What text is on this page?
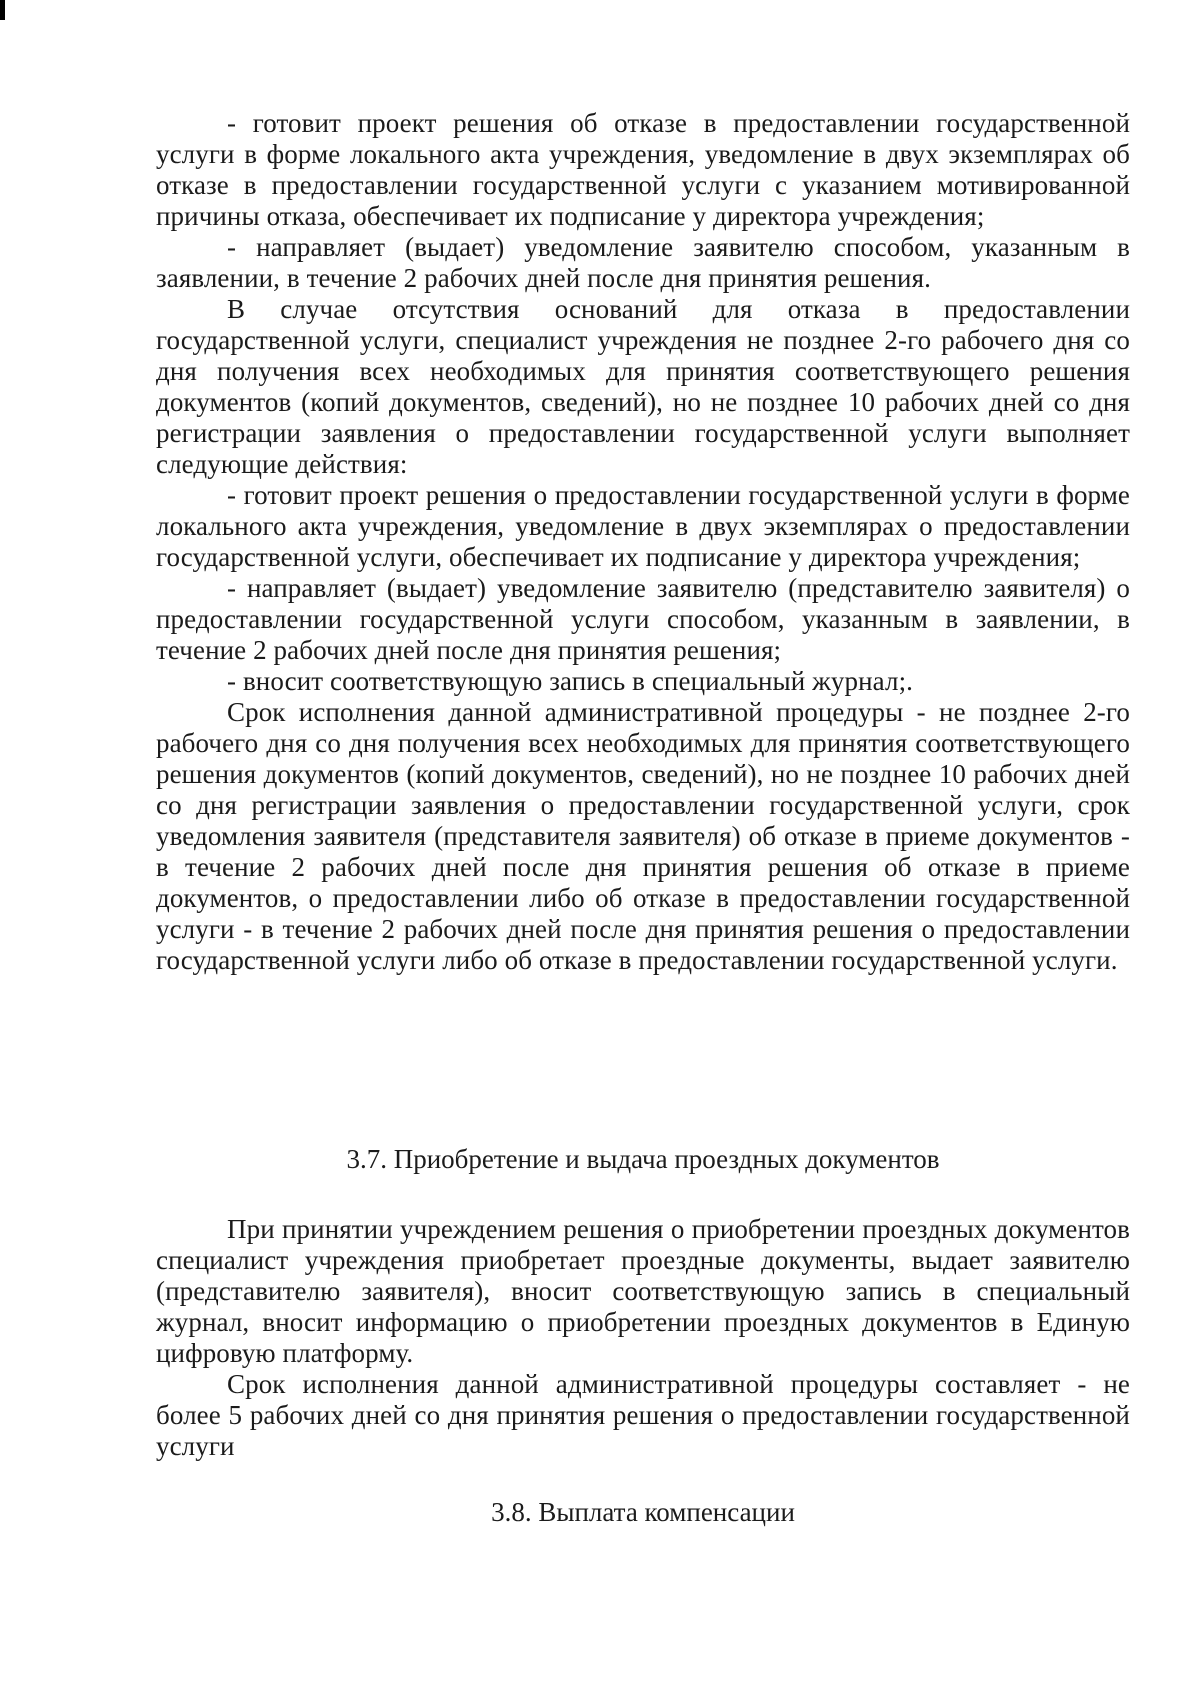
- готовит проект решения об отказе в предоставлении государственной услуги в форме локального акта учреждения, уведомление в двух экземплярах об отказе в предоставлении государственной услуги с указанием мотивированной причины отказа, обеспечивает их подписание у директора учреждения;

- направляет (выдает) уведомление заявителю способом, указанным в заявлении, в течение 2 рабочих дней после дня принятия решения.

В случае отсутствия оснований для отказа в предоставлении государственной услуги, специалист учреждения не позднее 2-го рабочего дня со дня получения всех необходимых для принятия соответствующего решения документов (копий документов, сведений), но не позднее 10 рабочих дней со дня регистрации заявления о предоставлении государственной услуги выполняет следующие действия:

- готовит проект решения о предоставлении государственной услуги в форме локального акта учреждения, уведомление в двух экземплярах о предоставлении государственной услуги, обеспечивает их подписание у директора учреждения;

- направляет (выдает) уведомление заявителю (представителю заявителя) о предоставлении государственной услуги способом, указанным в заявлении, в течение 2 рабочих дней после дня принятия решения;

- вносит соответствующую запись в специальный журнал;.

Срок исполнения данной административной процедуры - не позднее 2-го рабочего дня со дня получения всех необходимых для принятия соответствующего решения документов (копий документов, сведений), но не позднее 10 рабочих дней со дня регистрации заявления о предоставлении государственной услуги, срок уведомления заявителя (представителя заявителя) об отказе в приеме документов - в течение 2 рабочих дней после дня принятия решения об отказе в приеме документов, о предоставлении либо об отказе в предоставлении государственной услуги - в течение 2 рабочих дней после дня принятия решения о предоставлении государственной услуги либо об отказе в предоставлении государственной услуги.

3.7. Приобретение и выдача проездных документов

При принятии учреждением решения о приобретении проездных документов специалист учреждения приобретает проездные документы, выдает заявителю (представителю заявителя), вносит соответствующую запись в специальный журнал, вносит информацию о приобретении проездных документов в Единую цифровую платформу.

Срок исполнения данной административной процедуры составляет - не более 5 рабочих дней со дня принятия решения о предоставлении государственной услуги

3.8. Выплата компенсации
